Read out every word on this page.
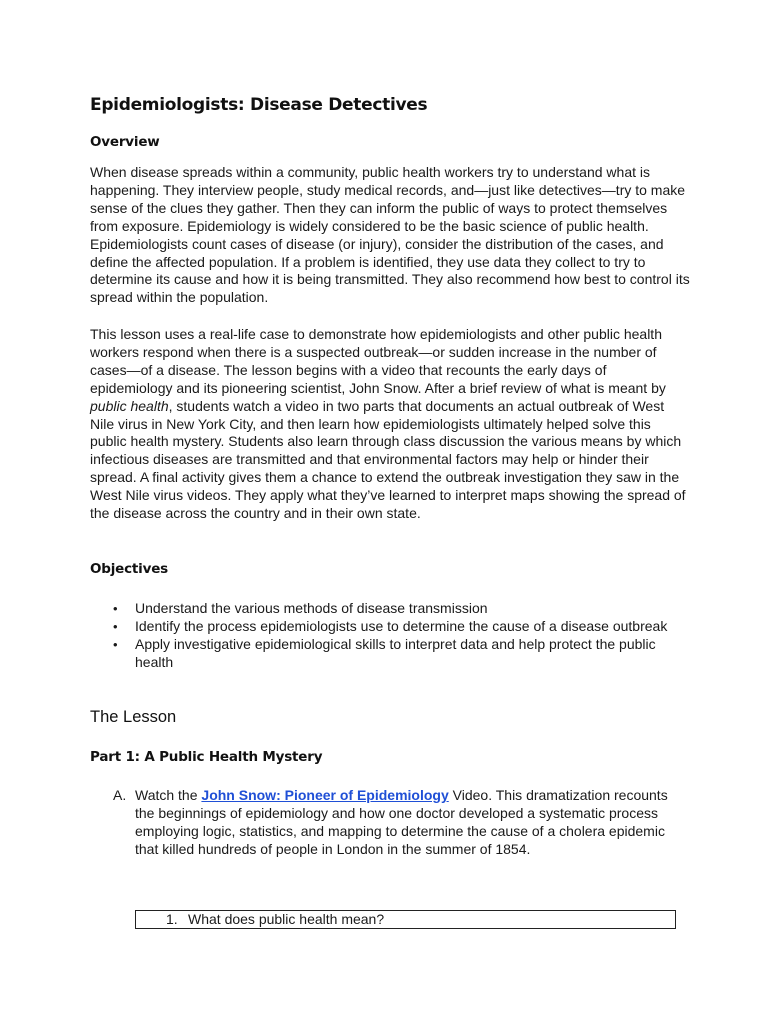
Epidemiologists: Disease Detectives
Overview

When disease spreads within a community, public health workers try to understand what is happening. They interview people, study medical records, and—just like detectives—try to make sense of the clues they gather. Then they can inform the public of ways to protect themselves from exposure. Epidemiology is widely considered to be the basic science of public health. Epidemiologists count cases of disease (or injury), consider the distribution of the cases, and define the affected population. If a problem is identified, they use data they collect to try to determine its cause and how it is being transmitted. They also recommend how best to control its spread within the population.

This lesson uses a real-life case to demonstrate how epidemiologists and other public health workers respond when there is a suspected outbreak—or sudden increase in the number of cases—of a disease. The lesson begins with a video that recounts the early days of epidemiology and its pioneering scientist, John Snow. After a brief review of what is meant by public health, students watch a video in two parts that documents an actual outbreak of West Nile virus in New York City, and then learn how epidemiologists ultimately helped solve this public health mystery. Students also learn through class discussion the various means by which infectious diseases are transmitted and that environmental factors may help or hinder their spread. A final activity gives them a chance to extend the outbreak investigation they saw in the West Nile virus videos. They apply what they’ve learned to interpret maps showing the spread of the disease across the country and in their own state.

Objectives
• Understand the various methods of disease transmission
• Identify the process epidemiologists use to determine the cause of a disease outbreak
• Apply investigative epidemiological skills to interpret data and help protect the public health
The Lesson
Part 1: A Public Health Mystery
A. Watch the John Snow: Pioneer of Epidemiology Video. This dramatization recounts the beginnings of epidemiology and how one doctor developed a systematic process employing logic, statistics, and mapping to determine the cause of a cholera epidemic that killed hundreds of people in London in the summer of 1854.
1. What does public health mean?
